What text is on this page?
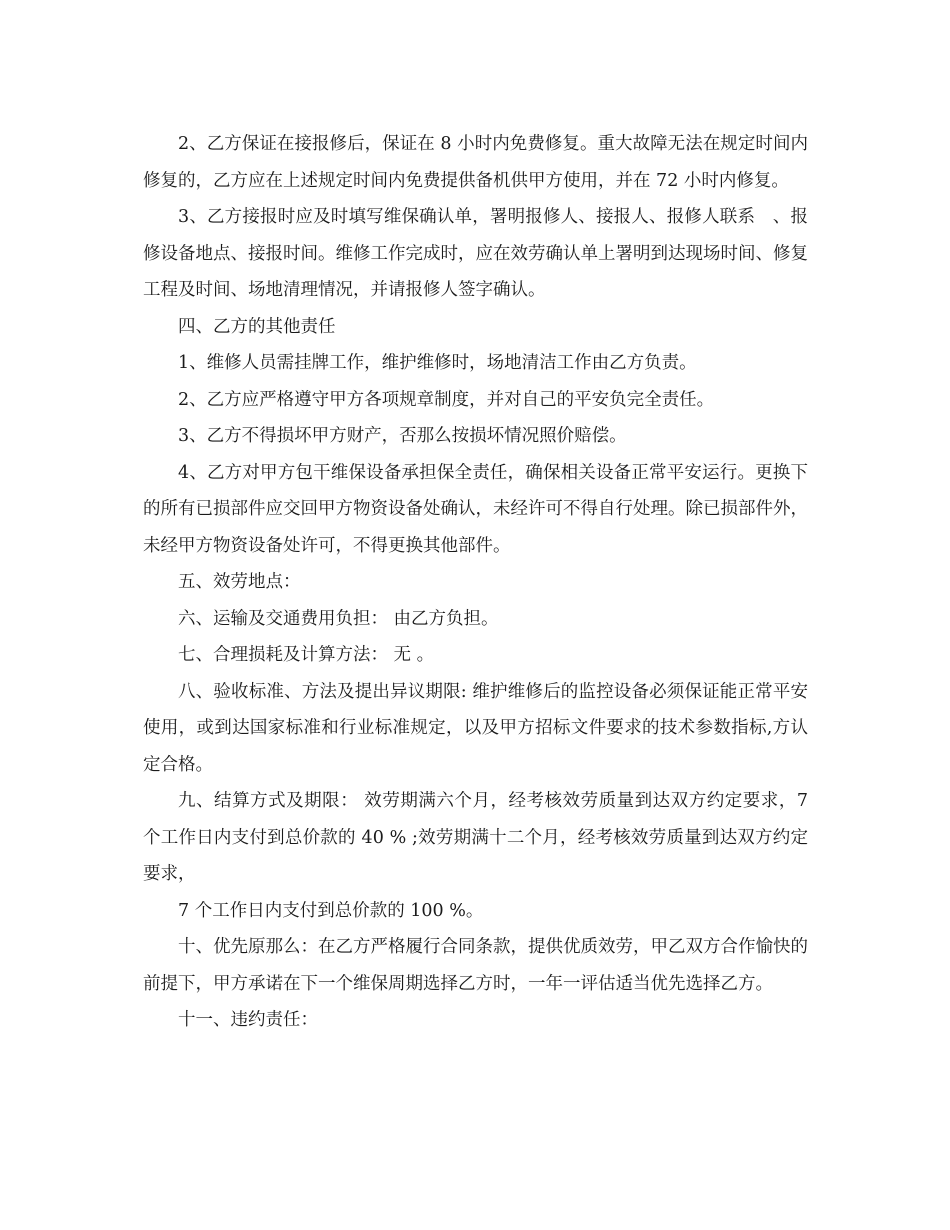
2、乙方保证在接报修后，保证在 8 小时内免费修复。重大故障无法在规定时间内修复的，乙方应在上述规定时间内免费提供备机供甲方使用，并在 72 小时内修复。

3、乙方接报时应及时填写维保确认单，署明报修人、接报人、报修人联系　、报修设备地点、接报时间。维修工作完成时，应在效劳确认单上署明到达现场时间、修复工程及时间、场地清理情况，并请报修人签字确认。

四、乙方的其他责任

1、维修人员需挂牌工作，维护维修时，场地清洁工作由乙方负责。

2、乙方应严格遵守甲方各项规章制度，并对自己的平安负完全责任。

3、乙方不得损坏甲方财产，否那么按损坏情况照价赔偿。

4、乙方对甲方包干维保设备承担保全责任，确保相关设备正常平安运行。更换下的所有已损部件应交回甲方物资设备处确认，未经许可不得自行处理。除已损部件外，未经甲方物资设备处许可，不得更换其他部件。

五、效劳地点：

六、运输及交通费用负担： 由乙方负担。

七、合理损耗及计算方法： 无 。

八、验收标准、方法及提出异议期限: 维护维修后的监控设备必须保证能正常平安使用，或到达国家标准和行业标准规定，以及甲方招标文件要求的技术参数指标,方认定合格。

九、结算方式及期限： 效劳期满六个月，经考核效劳质量到达双方约定要求，7 个工作日内支付到总价款的 40 % ;效劳期满十二个月，经考核效劳质量到达双方约定要求，

7 个工作日内支付到总价款的 100 %。

十、优先原那么：在乙方严格履行合同条款，提供优质效劳，甲乙双方合作愉快的前提下，甲方承诺在下一个维保周期选择乙方时，一年一评估适当优先选择乙方。

十一、违约责任：
